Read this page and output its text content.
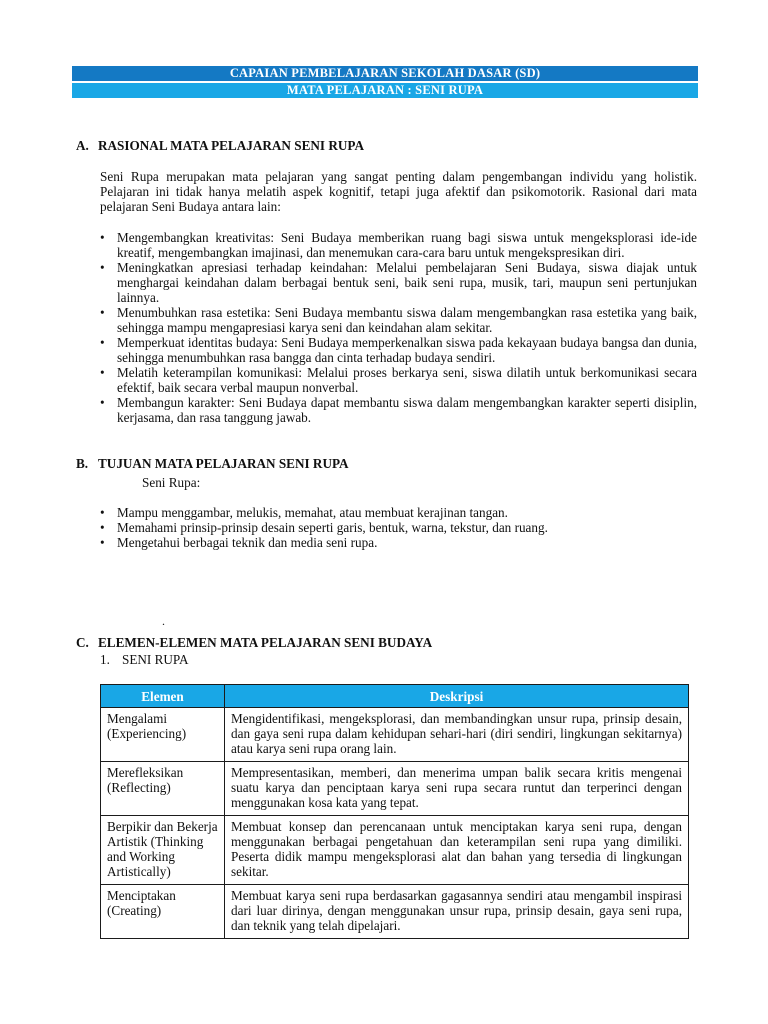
CAPAIAN PEMBELAJARAN SEKOLAH DASAR (SD)
MATA PELAJARAN : SENI RUPA
A. RASIONAL MATA PELAJARAN SENI RUPA

Seni Rupa merupakan mata pelajaran yang sangat penting dalam pengembangan individu yang holistik. Pelajaran ini tidak hanya melatih aspek kognitif, tetapi juga afektif dan psikomotorik. Rasional dari mata pelajaran Seni Budaya antara lain:

• Mengembangkan kreativitas: Seni Budaya memberikan ruang bagi siswa untuk mengeksplorasi ide-ide kreatif, mengembangkan imajinasi, dan menemukan cara-cara baru untuk mengekspresikan diri.
• Meningkatkan apresiasi terhadap keindahan: Melalui pembelajaran Seni Budaya, siswa diajak untuk menghargai keindahan dalam berbagai bentuk seni, baik seni rupa, musik, tari, maupun seni pertunjukan lainnya.
• Menumbuhkan rasa estetika: Seni Budaya membantu siswa dalam mengembangkan rasa estetika yang baik, sehingga mampu mengapresiasi karya seni dan keindahan alam sekitar.
• Memperkuat identitas budaya: Seni Budaya memperkenalkan siswa pada kekayaan budaya bangsa dan dunia, sehingga menumbuhkan rasa bangga dan cinta terhadap budaya sendiri.
• Melatih keterampilan komunikasi: Melalui proses berkarya seni, siswa dilatih untuk berkomunikasi secara efektif, baik secara verbal maupun nonverbal.
• Membangun karakter: Seni Budaya dapat membantu siswa dalam mengembangkan karakter seperti disiplin, kerjasama, dan rasa tanggung jawab.
B. TUJUAN MATA PELAJARAN SENI RUPA
Seni Rupa:
• Mampu menggambar, melukis, memahat, atau membuat kerajinan tangan.
• Memahami prinsip-prinsip desain seperti garis, bentuk, warna, tekstur, dan ruang.
• Mengetahui berbagai teknik dan media seni rupa.
.
C. ELEMEN-ELEMEN MATA PELAJARAN SENI BUDAYA
1. SENI RUPA
Elemen	Deskripsi
Mengalami (Experiencing)	Mengidentifikasi, mengeksplorasi, dan membandingkan unsur rupa, prinsip desain, dan gaya seni rupa dalam kehidupan sehari-hari (diri sendiri, lingkungan sekitarnya) atau karya seni rupa orang lain.
Merefleksikan (Reflecting)	Mempresentasikan, memberi, dan menerima umpan balik secara kritis mengenai suatu karya dan penciptaan karya seni rupa secara runtut dan terperinci dengan menggunakan kosa kata yang tepat.
Berpikir dan Bekerja Artistik (Thinking and Working Artistically)	Membuat konsep dan perencanaan untuk menciptakan karya seni rupa, dengan menggunakan berbagai pengetahuan dan keterampilan seni rupa yang dimiliki. Peserta didik mampu mengeksplorasi alat dan bahan yang tersedia di lingkungan sekitar.
Menciptakan (Creating)	Membuat karya seni rupa berdasarkan gagasannya sendiri atau mengambil inspirasi dari luar dirinya, dengan menggunakan unsur rupa, prinsip desain, gaya seni rupa, dan teknik yang telah dipelajari.
